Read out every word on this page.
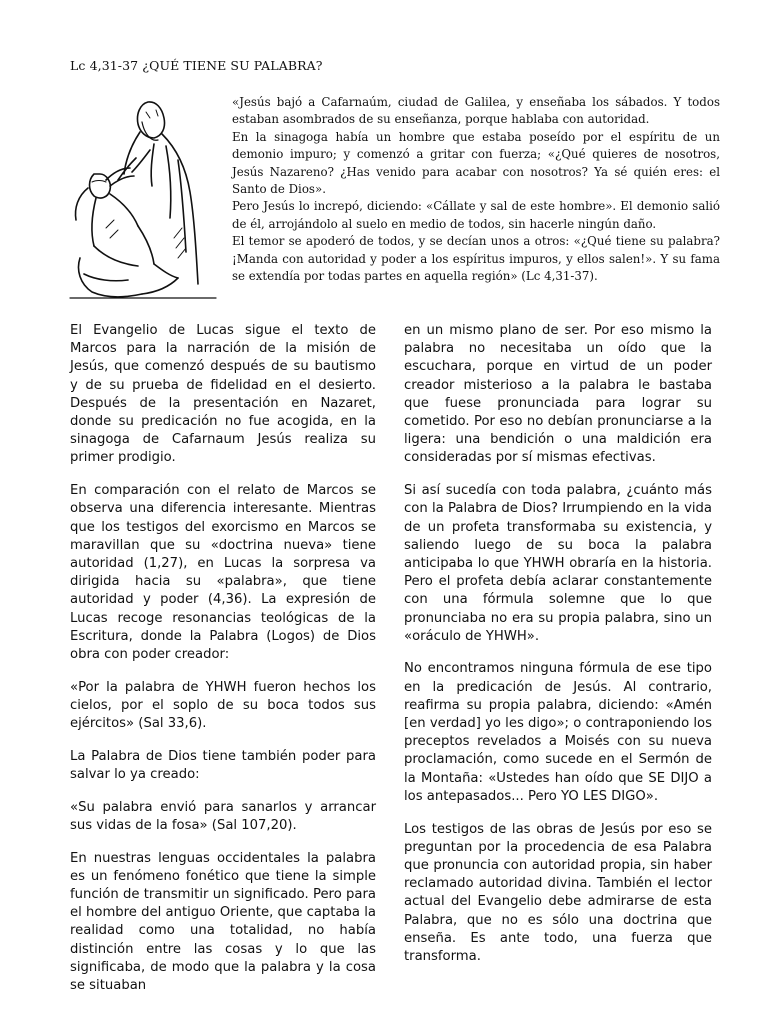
Lc 4,31-37 ¿QUÉ TIENE SU PALABRA?

«Jesús bajó a Cafarnaúm, ciudad de Galilea, y enseñaba los sábados. Y todos estaban asombrados de su enseñanza, porque hablaba con autoridad.

En la sinagoga había un hombre que estaba poseído por el espíritu de un demonio impuro; y comenzó a gritar con fuerza; «¿Qué quieres de nosotros, Jesús Nazareno? ¿Has venido para acabar con nosotros? Ya sé quién eres: el Santo de Dios».

Pero Jesús lo increpó, diciendo: «Cállate y sal de este hombre». El demonio salió de él, arrojándolo al suelo en medio de todos, sin hacerle ningún daño.

El temor se apoderó de todos, y se decían unos a otros: «¿Qué tiene su palabra? ¡Manda con autoridad y poder a los espíritus impuros, y ellos salen!». Y su fama se extendía por todas partes en aquella región» (Lc 4,31-37).

El Evangelio de Lucas sigue el texto de Marcos para la narración de la misión de Jesús, que comenzó después de su bautismo y de su prueba de fidelidad en el desierto. Después de la presentación en Nazaret, donde su predicación no fue acogida, en la sinagoga de Cafarnaum Jesús realiza su primer prodigio.

En comparación con el relato de Marcos se observa una diferencia interesante. Mientras que los testigos del exorcismo en Marcos se maravillan que su «doctrina nueva» tiene autoridad (1,27), en Lucas la sorpresa va dirigida hacia su «palabra», que tiene autoridad y poder (4,36). La expresión de Lucas recoge resonancias teológicas de la Escritura, donde la Palabra (Logos) de Dios obra con poder creador:

«Por la palabra de YHWH fueron hechos los cielos, por el soplo de su boca todos sus ejércitos» (Sal 33,6).

La Palabra de Dios tiene también poder para salvar lo ya creado:

«Su palabra envió para sanarlos y arrancar sus vidas de la fosa» (Sal 107,20).

En nuestras lenguas occidentales la palabra es un fenómeno fonético que tiene la simple función de transmitir un significado. Pero para el hombre del antiguo Oriente, que captaba la realidad como una totalidad, no había distinción entre las cosas y lo que las significaba, de modo que la palabra y la cosa se situaban

en un mismo plano de ser. Por eso mismo la palabra no necesitaba un oído que la escuchara, porque en virtud de un poder creador misterioso a la palabra le bastaba que fuese pronunciada para lograr su cometido. Por eso no debían pronunciarse a la ligera: una bendición o una maldición era consideradas por sí mismas efectivas.

Si así sucedía con toda palabra, ¿cuánto más con la Palabra de Dios? Irrumpiendo en la vida de un profeta transformaba su existencia, y saliendo luego de su boca la palabra anticipaba lo que YHWH obraría en la historia. Pero el profeta debía aclarar constantemente con una fórmula solemne que lo que pronunciaba no era su propia palabra, sino un «oráculo de YHWH».

No encontramos ninguna fórmula de ese tipo en la predicación de Jesús. Al contrario, reafirma su propia palabra, diciendo: «Amén [en verdad] yo les digo»; o contraponiendo los preceptos revelados a Moisés con su nueva proclamación, como sucede en el Sermón de la Montaña: «Ustedes han oído que SE DIJO a los antepasados... Pero YO LES DIGO».

Los testigos de las obras de Jesús por eso se preguntan por la procedencia de esa Palabra que pronuncia con autoridad propia, sin haber reclamado autoridad divina. También el lector actual del Evangelio debe admirarse de esta Palabra, que no es sólo una doctrina que enseña. Es ante todo, una fuerza que transforma.
